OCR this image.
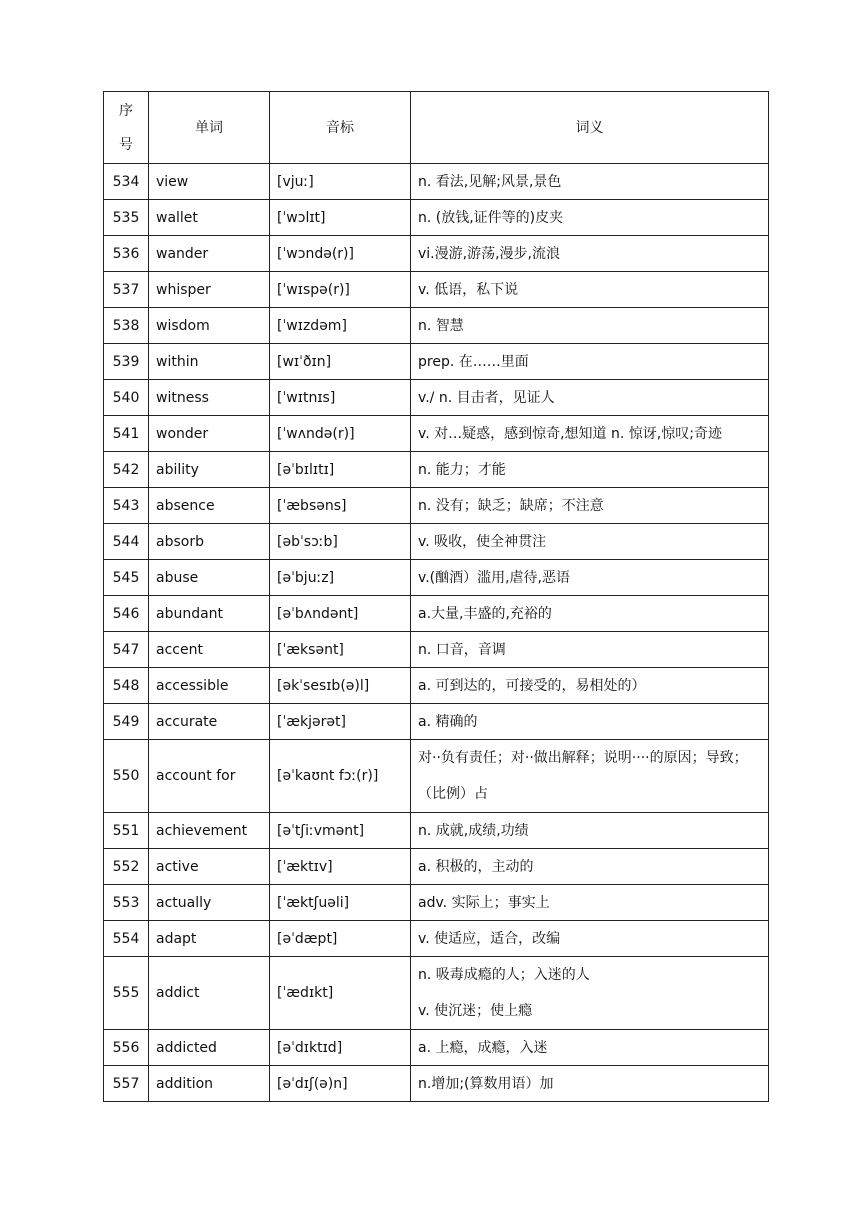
序
号	单词	音标	词义
534	view	[vjuː]	n. 看法,见解;风景,景色
535	wallet	[ˈwɔlɪt]	n. (放钱,证件等的)皮夹
536	wander	[ˈwɔndə(r)]	vi.漫游,游荡,漫步,流浪
537	whisper	[ˈwɪspə(r)]	v. 低语，私下说
538	wisdom	[ˈwɪzdəm]	n. 智慧
539	within	[wɪˈðɪn]	prep. 在……里面
540	witness	[ˈwɪtnɪs]	v./ n. 目击者，见证人
541	wonder	[ˈwʌndə(r)]	v. 对…疑惑，感到惊奇,想知道 n. 惊讶,惊叹;奇迹
542	ability	[əˈbɪlɪtɪ]	n. 能力；才能
543	absence	[ˈæbsəns]	n. 没有；缺乏；缺席；不注意
544	absorb	[əbˈsɔːb]	v. 吸收，使全神贯注
545	abuse	[əˈbjuːz]	v.(酗酒）滥用,虐待,恶语
546	abundant	[əˈbʌndənt]	a.大量,丰盛的,充裕的
547	accent	[ˈæksənt]	n. 口音，音调
548	accessible	[əkˈsesɪb(ə)l]	a. 可到达的，可接受的，易相处的）
549	accurate	[ˈækjərət]	a. 精确的
550	account for	[əˈkaʊnt fɔː(r)]	对··负有责任；对··做出解释；说明····的原因；导致；（比例）占
551	achievement	[əˈtʃiːvmənt]	n. 成就,成绩,功绩
552	active	[ˈæktɪv]	a. 积极的，主动的
553	actually	[ˈæktʃuəli]	adv. 实际上；事实上
554	adapt	[əˈdæpt]	v. 使适应，适合，改编
555	addict	[ˈædɪkt]	n. 吸毒成瘾的人；入迷的人
v. 使沉迷；使上瘾

556	addicted	[əˈdɪktɪd]	a. 上瘾，成瘾，入迷
557	addition	[əˈdɪʃ(ə)n]	n.增加;(算数用语）加
